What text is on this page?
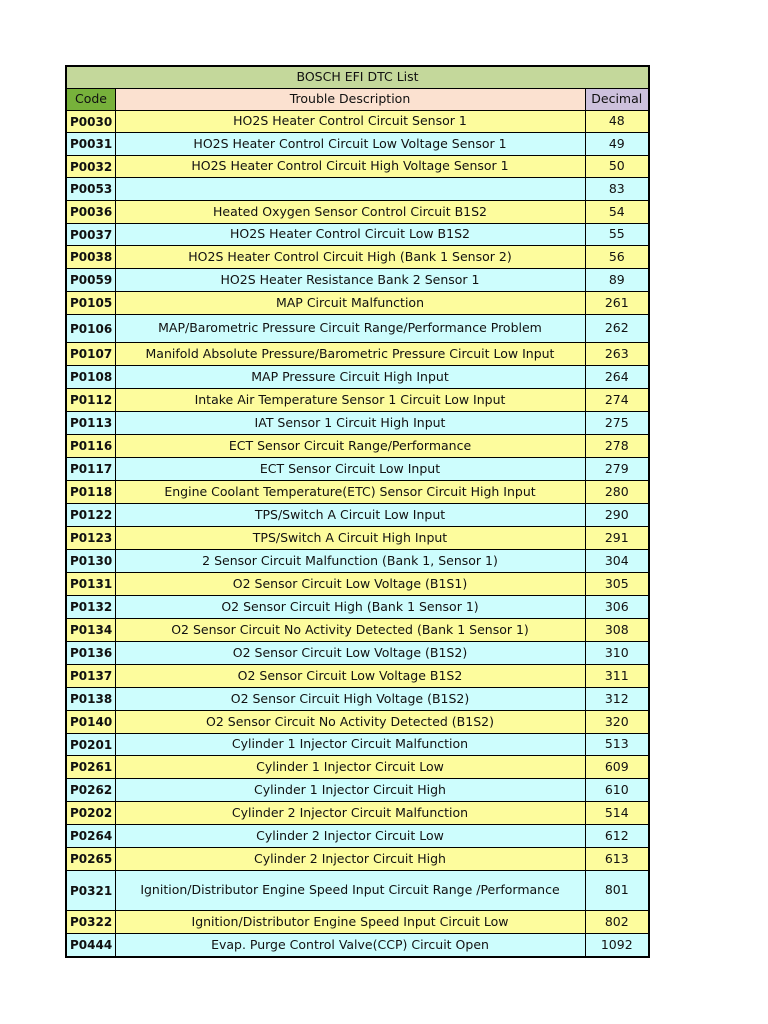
BOSCH EFI DTC List		
Code	Trouble Description	Decimal
P0030	HO2S Heater Control Circuit Sensor 1	48
P0031	HO2S Heater Control Circuit Low Voltage Sensor 1	49
P0032	HO2S Heater Control Circuit High Voltage Sensor 1	50
P0053		83
P0036	Heated Oxygen Sensor Control Circuit B1S2	54
P0037	HO2S Heater Control Circuit Low B1S2	55
P0038	HO2S Heater Control Circuit High (Bank 1 Sensor 2)	56
P0059	HO2S Heater Resistance Bank 2 Sensor 1	89
P0105	MAP Circuit Malfunction	261
P0106	MAP/Barometric Pressure Circuit Range/Performance Problem	262
P0107	Manifold Absolute Pressure/Barometric Pressure Circuit Low Input	263
P0108	MAP Pressure Circuit High Input	264
P0112	Intake Air Temperature Sensor 1 Circuit Low Input	274
P0113	IAT Sensor 1 Circuit High Input	275
P0116	ECT Sensor Circuit Range/Performance	278
P0117	ECT Sensor Circuit Low Input	279
P0118	Engine Coolant Temperature(ETC) Sensor Circuit High Input	280
P0122	TPS/Switch A Circuit Low Input	290
P0123	TPS/Switch A Circuit High Input	291
P0130	2 Sensor Circuit Malfunction (Bank 1, Sensor 1)	304
P0131	O2 Sensor Circuit Low Voltage (B1S1)	305
P0132	O2 Sensor Circuit High (Bank 1 Sensor 1)	306
P0134	O2 Sensor Circuit No Activity Detected (Bank 1 Sensor 1)	308
P0136	O2 Sensor Circuit Low Voltage (B1S2)	310
P0137	O2 Sensor Circuit Low Voltage B1S2	311
P0138	O2 Sensor Circuit High Voltage (B1S2)	312
P0140	O2 Sensor Circuit No Activity Detected (B1S2)	320
P0201	Cylinder 1 Injector Circuit Malfunction	513
P0261	Cylinder 1 Injector Circuit Low	609
P0262	Cylinder 1 Injector Circuit High	610
P0202	Cylinder 2 Injector Circuit Malfunction	514
P0264	Cylinder 2 Injector Circuit Low	612
P0265	Cylinder 2 Injector Circuit High	613
P0321	Ignition/Distributor Engine Speed Input Circuit Range /Performance	801
P0322	Ignition/Distributor Engine Speed Input Circuit Low	802
P0444	Evap. Purge Control Valve(CCP) Circuit Open	1092
